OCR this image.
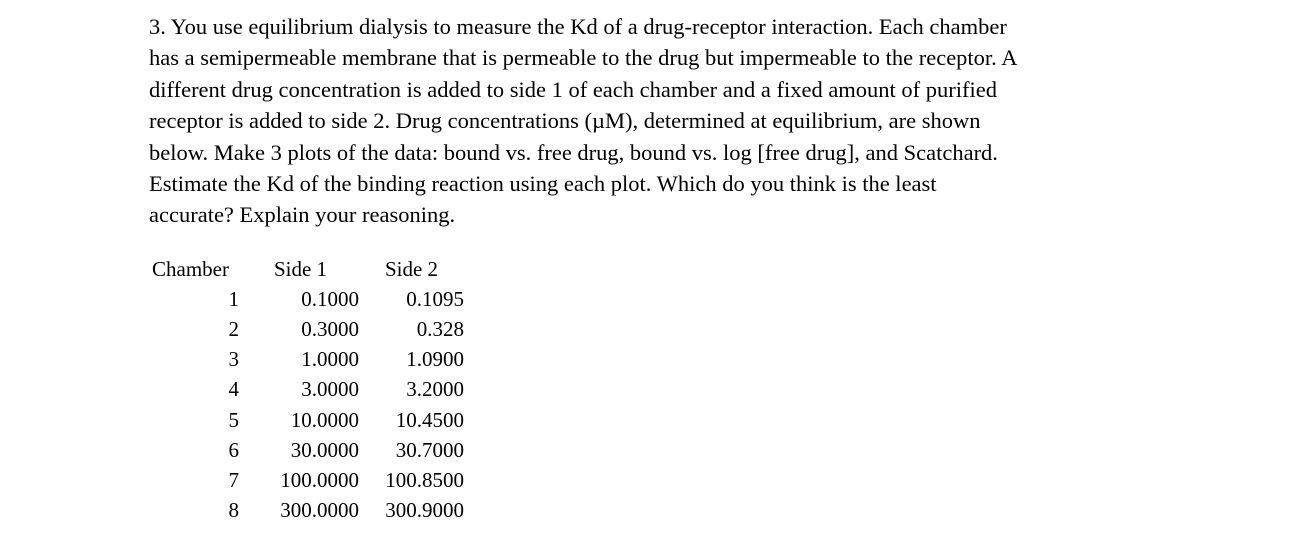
3. You use equilibrium dialysis to measure the Kd of a drug-receptor interaction. Each chamber
has a semipermeable membrane that is permeable to the drug but impermeable to the receptor. A
different drug concentration is added to side 1 of each chamber and a fixed amount of purified
receptor is added to side 2. Drug concentrations (µM), determined at equilibrium, are shown
below. Make 3 plots of the data: bound vs. free drug, bound vs. log [free drug], and Scatchard.
Estimate the Kd of the binding reaction using each plot. Which do you think is the least
accurate? Explain your reasoning.
Chamber	Side 1	Side 2
1	0.1000	0.1095
2	0.3000	0.328
3	1.0000	1.0900
4	3.0000	3.2000
5	10.0000	10.4500
6	30.0000	30.7000
7	100.0000	100.8500
8	300.0000	300.9000
